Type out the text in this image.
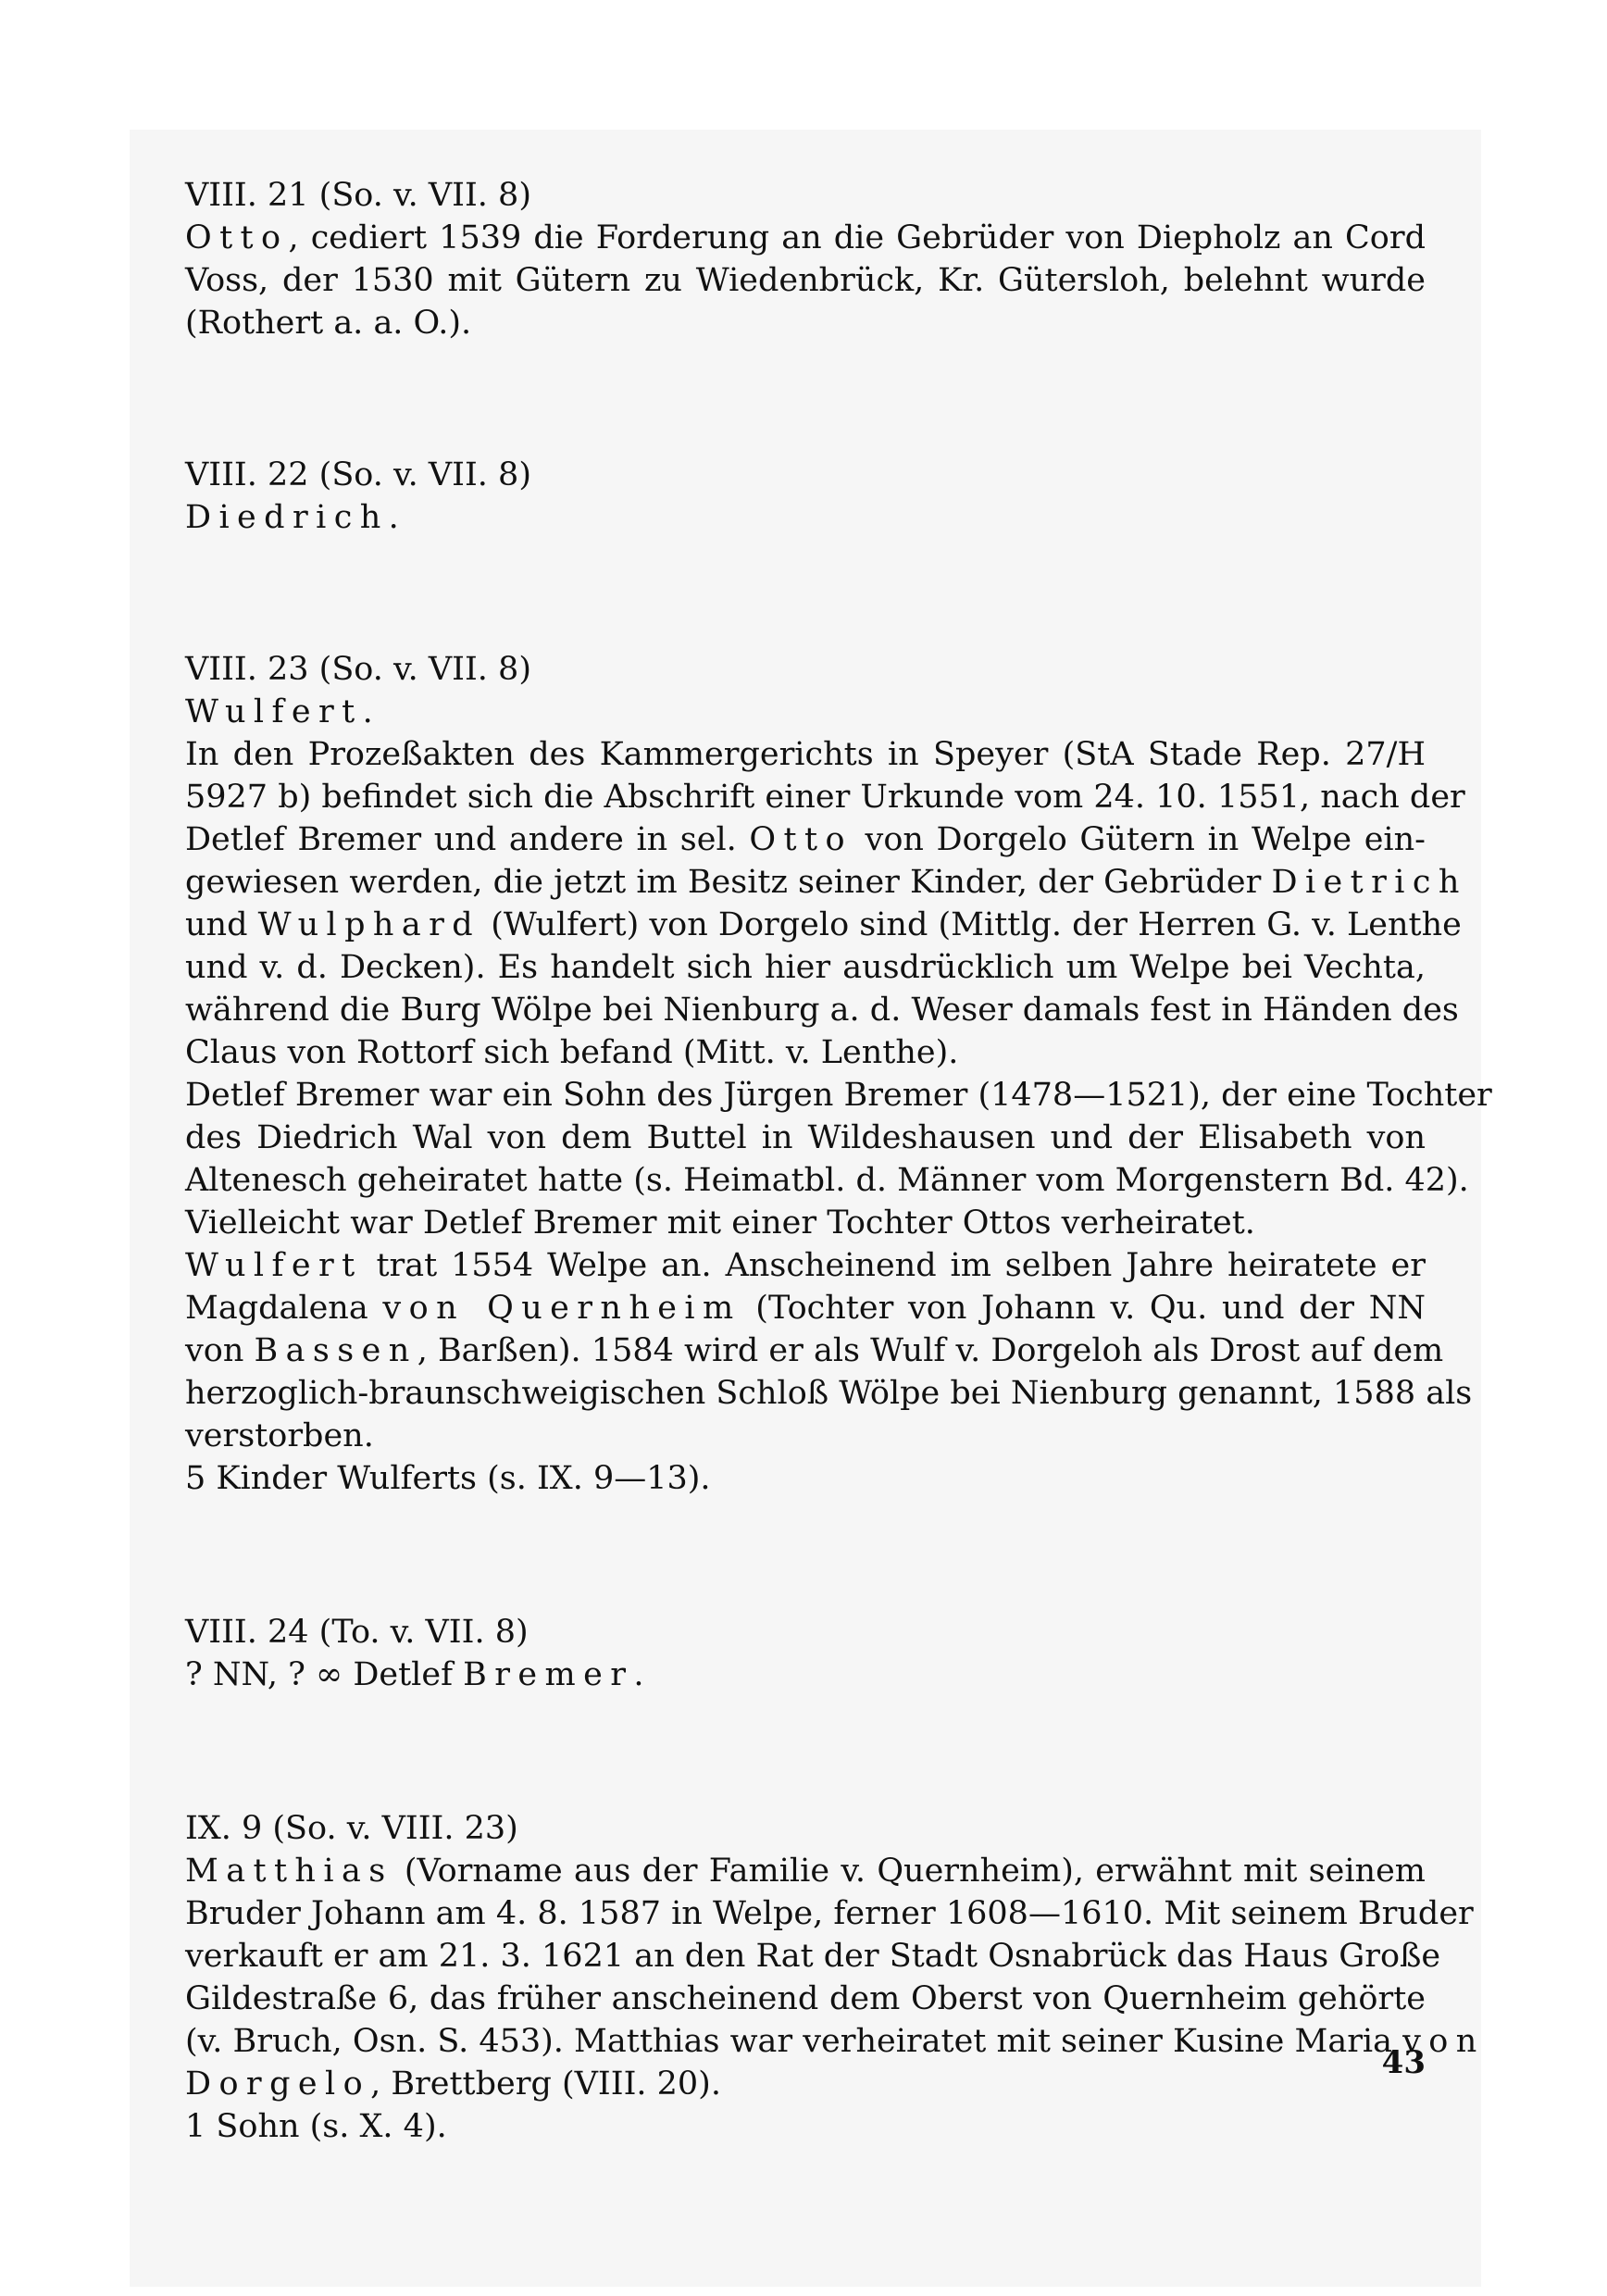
VIII. 21 (So. v. VII. 8)
Otto, cediert 1539 die Forderung an die Gebrüder von Diepholz an Cord
Voss, der 1530 mit Gütern zu Wiedenbrück, Kr. Gütersloh, belehnt wurde
(Rothert a. a. O.).
VIII. 22 (So. v. VII. 8)
Diedrich.
VIII. 23 (So. v. VII. 8)
Wulfert.
In den Prozeßakten des Kammergerichts in Speyer (StA Stade Rep. 27/H
5927 b) befindet sich die Abschrift einer Urkunde vom 24. 10. 1551, nach der
Detlef Bremer und andere in sel. Otto von Dorgelo Gütern in Welpe ein-
gewiesen werden, die jetzt im Besitz seiner Kinder, der Gebrüder Dietrich
und Wulphard (Wulfert) von Dorgelo sind (Mittlg. der Herren G. v. Lenthe
und v. d. Decken). Es handelt sich hier ausdrücklich um Welpe bei Vechta,
während die Burg Wölpe bei Nienburg a. d. Weser damals fest in Händen des
Claus von Rottorf sich befand (Mitt. v. Lenthe).
Detlef Bremer war ein Sohn des Jürgen Bremer (1478—1521), der eine Tochter
des Diedrich Wal von dem Buttel in Wildeshausen und der Elisabeth von
Altenesch geheiratet hatte (s. Heimatbl. d. Männer vom Morgenstern Bd. 42).
Vielleicht war Detlef Bremer mit einer Tochter Ottos verheiratet.
Wulfert trat 1554 Welpe an. Anscheinend im selben Jahre heiratete er
Magdalena von Quernheim (Tochter von Johann v. Qu. und der NN
von Bassen, Barßen). 1584 wird er als Wulf v. Dorgeloh als Drost auf dem
herzoglich-braunschweigischen Schloß Wölpe bei Nienburg genannt, 1588 als
verstorben.
5 Kinder Wulferts (s. IX. 9—13).
VIII. 24 (To. v. VII. 8)
? NN, ? ∞ Detlef Bremer.
IX. 9 (So. v. VIII. 23)
Matthias (Vorname aus der Familie v. Quernheim), erwähnt mit seinem
Bruder Johann am 4. 8. 1587 in Welpe, ferner 1608—1610. Mit seinem Bruder
verkauft er am 21. 3. 1621 an den Rat der Stadt Osnabrück das Haus Große
Gildestraße 6, das früher anscheinend dem Oberst von Quernheim gehörte
(v. Bruch, Osn. S. 453). Matthias war verheiratet mit seiner Kusine Maria von
Dorgelo, Brettberg (VIII. 20).
1 Sohn (s. X. 4).
43
